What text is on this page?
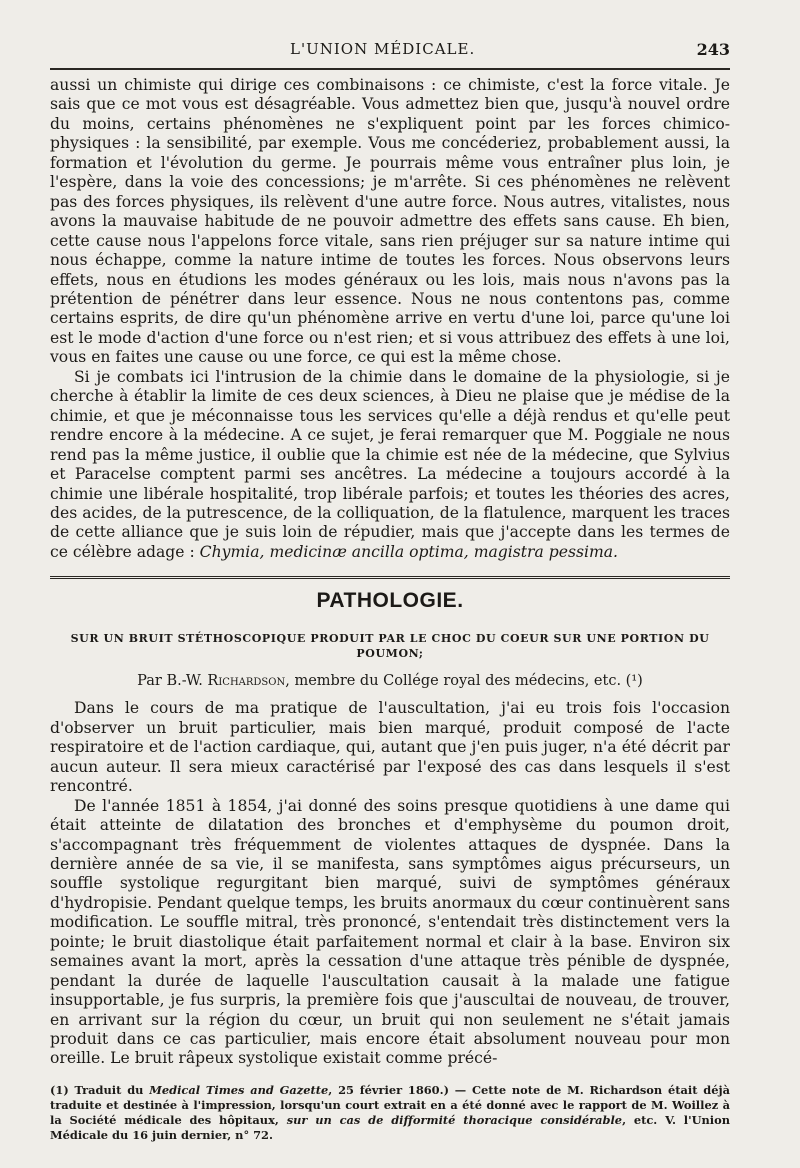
L'UNION MÉDICALE.	243

aussi un chimiste qui dirige ces combinaisons : ce chimiste, c'est la force vitale. Je sais que ce mot vous est désagréable. Vous admettez bien que, jusqu'à nouvel ordre du moins, certains phénomènes ne s'expliquent point par les forces chimico-physiques : la sensibilité, par exemple. Vous me concéderiez, probablement aussi, la formation et l'évolution du germe. Je pourrais même vous entraîner plus loin, je l'espère, dans la voie des concessions; je m'arrête. Si ces phénomènes ne relèvent pas des forces physiques, ils relèvent d'une autre force. Nous autres, vitalistes, nous avons la mauvaise habitude de ne pouvoir admettre des effets sans cause. Eh bien, cette cause nous l'appelons force vitale, sans rien préjuger sur sa nature intime qui nous échappe, comme la nature intime de toutes les forces. Nous observons leurs effets, nous en étudions les modes généraux ou les lois, mais nous n'avons pas la prétention de pénétrer dans leur essence. Nous ne nous contentons pas, comme certains esprits, de dire qu'un phénomène arrive en vertu d'une loi, parce qu'une loi est le mode d'action d'une force ou n'est rien; et si vous attribuez des effets à une loi, vous en faites une cause ou une force, ce qui est la même chose.

Si je combats ici l'intrusion de la chimie dans le domaine de la physiologie, si je cherche à établir la limite de ces deux sciences, à Dieu ne plaise que je médise de la chimie, et que je méconnaisse tous les services qu'elle a déjà rendus et qu'elle peut rendre encore à la médecine. A ce sujet, je ferai remarquer que M. Poggiale ne nous rend pas la même justice, il oublie que la chimie est née de la médecine, que Sylvius et Paracelse comptent parmi ses ancêtres. La médecine a toujours accordé à la chimie une libérale hospitalité, trop libérale parfois; et toutes les théories des acres, des acides, de la putrescence, de la colliquation, de la flatulence, marquent les traces de cette alliance que je suis loin de répudier, mais que j'accepte dans les termes de ce célèbre adage : Chymia, medicinæ ancilla optima, magistra pessima.

PATHOLOGIE.
SUR UN BRUIT STÉTHOSCOPIQUE PRODUIT PAR LE CHOC DU COEUR SUR UNE PORTION DU POUMON;
Par B.-W. Richardson, membre du Collége royal des médecins, etc. (¹)

Dans le cours de ma pratique de l'auscultation, j'ai eu trois fois l'occasion d'observer un bruit particulier, mais bien marqué, produit composé de l'acte respiratoire et de l'action cardiaque, qui, autant que j'en puis juger, n'a été décrit par aucun auteur. Il sera mieux caractérisé par l'exposé des cas dans lesquels il s'est rencontré.

De l'année 1851 à 1854, j'ai donné des soins presque quotidiens à une dame qui était atteinte de dilatation des bronches et d'emphysème du poumon droit, s'accompagnant très fréquemment de violentes attaques de dyspnée. Dans la dernière année de sa vie, il se manifesta, sans symptômes aigus précurseurs, un souffle systolique regurgitant bien marqué, suivi de symptômes généraux d'hydropisie. Pendant quelque temps, les bruits anormaux du cœur continuèrent sans modification. Le souffle mitral, très prononcé, s'entendait très distinctement vers la pointe; le bruit diastolique était parfaitement normal et clair à la base. Environ six semaines avant la mort, après la cessation d'une attaque très pénible de dyspnée, pendant la durée de laquelle l'auscultation causait à la malade une fatigue insupportable, je fus surpris, la première fois que j'auscultai de nouveau, de trouver, en arrivant sur la région du cœur, un bruit qui non seulement ne s'était jamais produit dans ce cas particulier, mais encore était absolument nouveau pour mon oreille. Le bruit râpeux systolique existait comme précé-

(1) Traduit du Medical Times and Gazette, 25 février 1860.) — Cette note de M. Richardson était déjà traduite et destinée à l'impression, lorsqu'un court extrait en a été donné avec le rapport de M. Woillez à la Société médicale des hôpitaux, sur un cas de difformité thoracique considérable, etc. V. l'Union Médicale du 16 juin dernier, n° 72.
